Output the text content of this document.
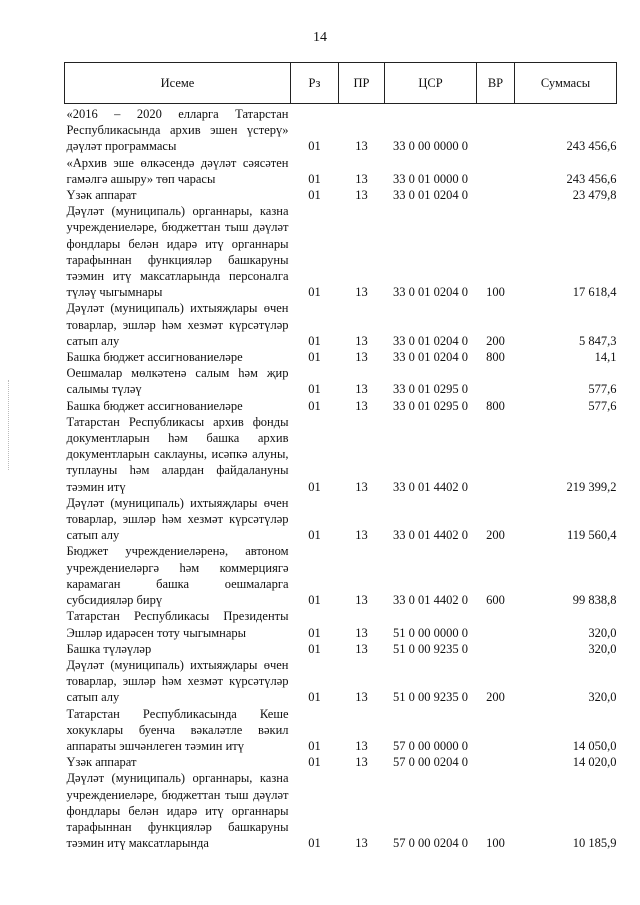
14
Исеме	Рз	ПР	ЦСР	ВР	Суммасы
«2016 – 2020 елларга Татарстан Республикасында архив эшен үстерү» дәүләт программасы	01	13	33 0 00 0000 0		243 456,6
«Архив эше өлкәсендә дәүләт сәясәтен гамәлгә ашыру» төп чарасы	01	13	33 0 01 0000 0		243 456,6
Үзәк аппарат	01	13	33 0 01 0204 0		23 479,8
Дәүләт (муниципаль) органнары, казна учреждениеләре, бюджеттан тыш дәүләт фондлары белән идарә итү органнары тарафыннан функцияләр башкаруны тәэмин итү максатларында персоналга түләү чыгымнары	01	13	33 0 01 0204 0	100	17 618,4
Дәүләт (муниципаль) ихтыяҗлары өчен товарлар, эшләр һәм хезмәт күрсәтүләр сатып алу	01	13	33 0 01 0204 0	200	5 847,3
Башка бюджет ассигнованиеләре	01	13	33 0 01 0204 0	800	14,1
Оешмалар мөлкәтенә салым һәм җир салымы түләү	01	13	33 0 01 0295 0		577,6
Башка бюджет ассигнованиеләре	01	13	33 0 01 0295 0	800	577,6
Татарстан Республикасы архив фонды документларын һәм башка архив документларын саклауны, исәпкә алуны, туплауны һәм алардан файдалануны тәэмин итү	01	13	33 0 01 4402 0		219 399,2
Дәүләт (муниципаль) ихтыяҗлары өчен товарлар, эшләр һәм хезмәт күрсәтүләр сатып алу	01	13	33 0 01 4402 0	200	119 560,4
Бюджет учреждениеләренә, автоном учреждениеләргә һәм коммерциягә карамаган башка оешмаларга субсидияләр бирү	01	13	33 0 01 4402 0	600	99 838,8
Татарстан Республикасы Президенты Эшләр идарәсен тоту чыгымнары	01	13	51 0 00 0000 0		320,0
Башка түләүләр	01	13	51 0 00 9235 0		320,0
Дәүләт (муниципаль) ихтыяҗлары өчен товарлар, эшләр һәм хезмәт күрсәтүләр сатып алу	01	13	51 0 00 9235 0	200	320,0
Татарстан Республикасында Кеше хокуклары буенча вәкаләтле вәкил аппараты эшчәнлеген тәэмин итү	01	13	57 0 00 0000 0		14 050,0
Үзәк аппарат	01	13	57 0 00 0204 0		14 020,0
Дәүләт (муниципаль) органнары, казна учреждениеләре, бюджеттан тыш дәүләт фондлары белән идарә итү органнары тарафыннан функцияләр башкаруны тәэмин итү максатларында	01	13	57 0 00 0204 0	100	10 185,9
